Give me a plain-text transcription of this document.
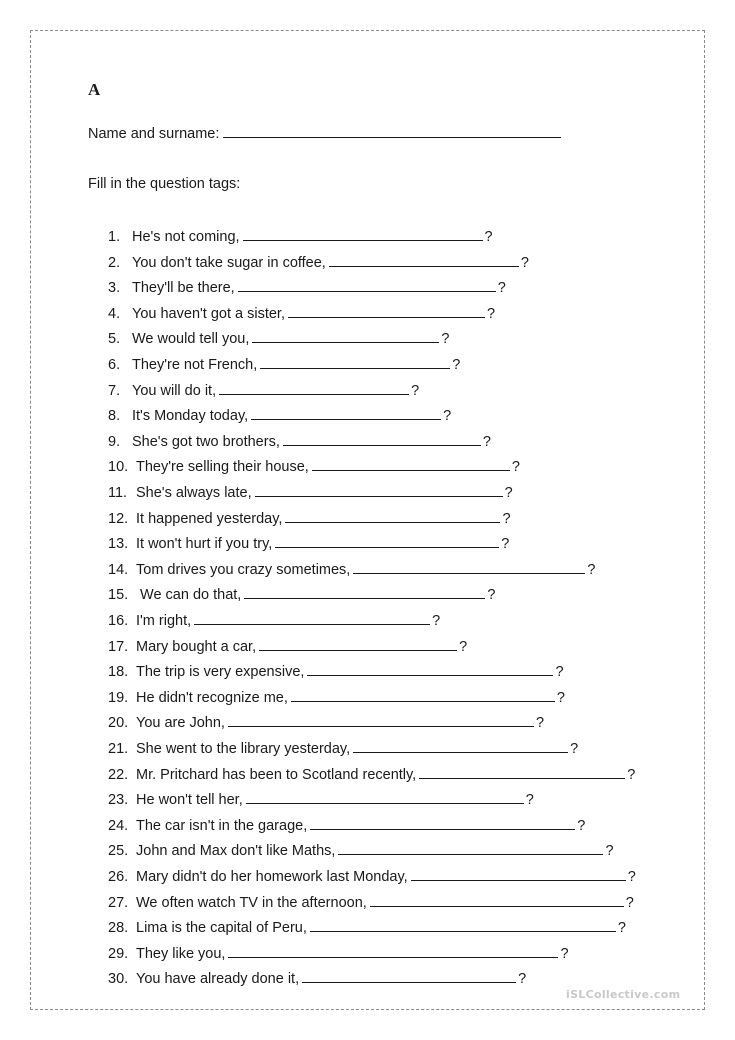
A
Name and surname:
Fill in the question tags:
1. He's not coming,	?
2. You don't take sugar in coffee,	?
3. They'll be there,	?
4. You haven't got a sister,	?
5. We would tell you,	?
6. They're not French,	?
7. You will do it,	?
8. It's Monday today,	?
9. She's got two brothers,	?
10. They're selling their house,	?
11. She's always late,	?
12. It happened yesterday,	?
13. It won't hurt if you try,	?
14. Tom drives you crazy sometimes,	?
15. We can do that,	?
16. I'm right,	?
17. Mary bought a car,	?
18. The trip is very expensive,	?
19. He didn't recognize me,	?
20. You are John,	?
21. She went to the library yesterday,	?
22. Mr. Pritchard has been to Scotland recently,	?
23. He won't tell her,	?
24. The car isn't in the garage,	?
25. John and Max don't like Maths,	?
26. Mary didn't do her homework last Monday,	?
27. We often watch TV in the afternoon,	?
28. Lima is the capital of Peru,	?
29. They like you,	?
30. You have already done it,	?
iSLCollective.com
